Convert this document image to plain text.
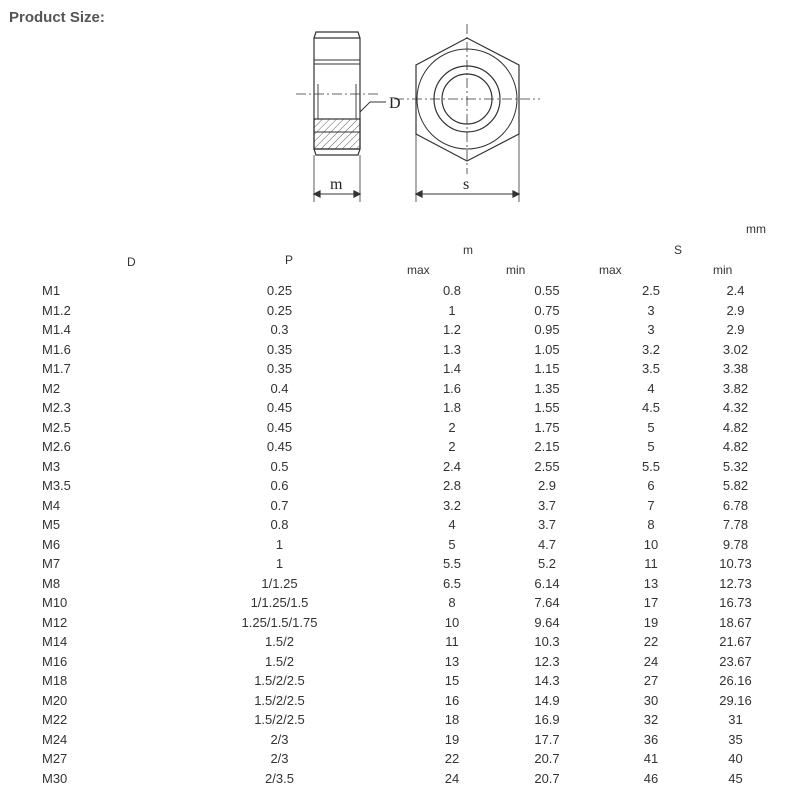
Product Size:
D
m	s
mm
D	P
m	S
max	min	max	min
M1	0.25	0.8	0.55	2.5	2.4
M1.2	0.25	1	0.75	3	2.9
M1.4	0.3	1.2	0.95	3	2.9
M1.6	0.35	1.3	1.05	3.2	3.02
M1.7	0.35	1.4	1.15	3.5	3.38
M2	0.4	1.6	1.35	4	3.82
M2.3	0.45	1.8	1.55	4.5	4.32
M2.5	0.45	2	1.75	5	4.82
M2.6	0.45	2	2.15	5	4.82
M3	0.5	2.4	2.55	5.5	5.32
M3.5	0.6	2.8	2.9	6	5.82
M4	0.7	3.2	3.7	7	6.78
M5	0.8	4	3.7	8	7.78
M6	1	5	4.7	10	9.78
M7	1	5.5	5.2	11	10.73
M8	1/1.25	6.5	6.14	13	12.73
M10	1/1.25/1.5	8	7.64	17	16.73
M12	1.25/1.5/1.75	10	9.64	19	18.67
M14	1.5/2	11	10.3	22	21.67
M16	1.5/2	13	12.3	24	23.67
M18	1.5/2/2.5	15	14.3	27	26.16
M20	1.5/2/2.5	16	14.9	30	29.16
M22	1.5/2/2.5	18	16.9	32	31
M24	2/3	19	17.7	36	35
M27	2/3	22	20.7	41	40
M30	2/3.5	24	20.7	46	45
